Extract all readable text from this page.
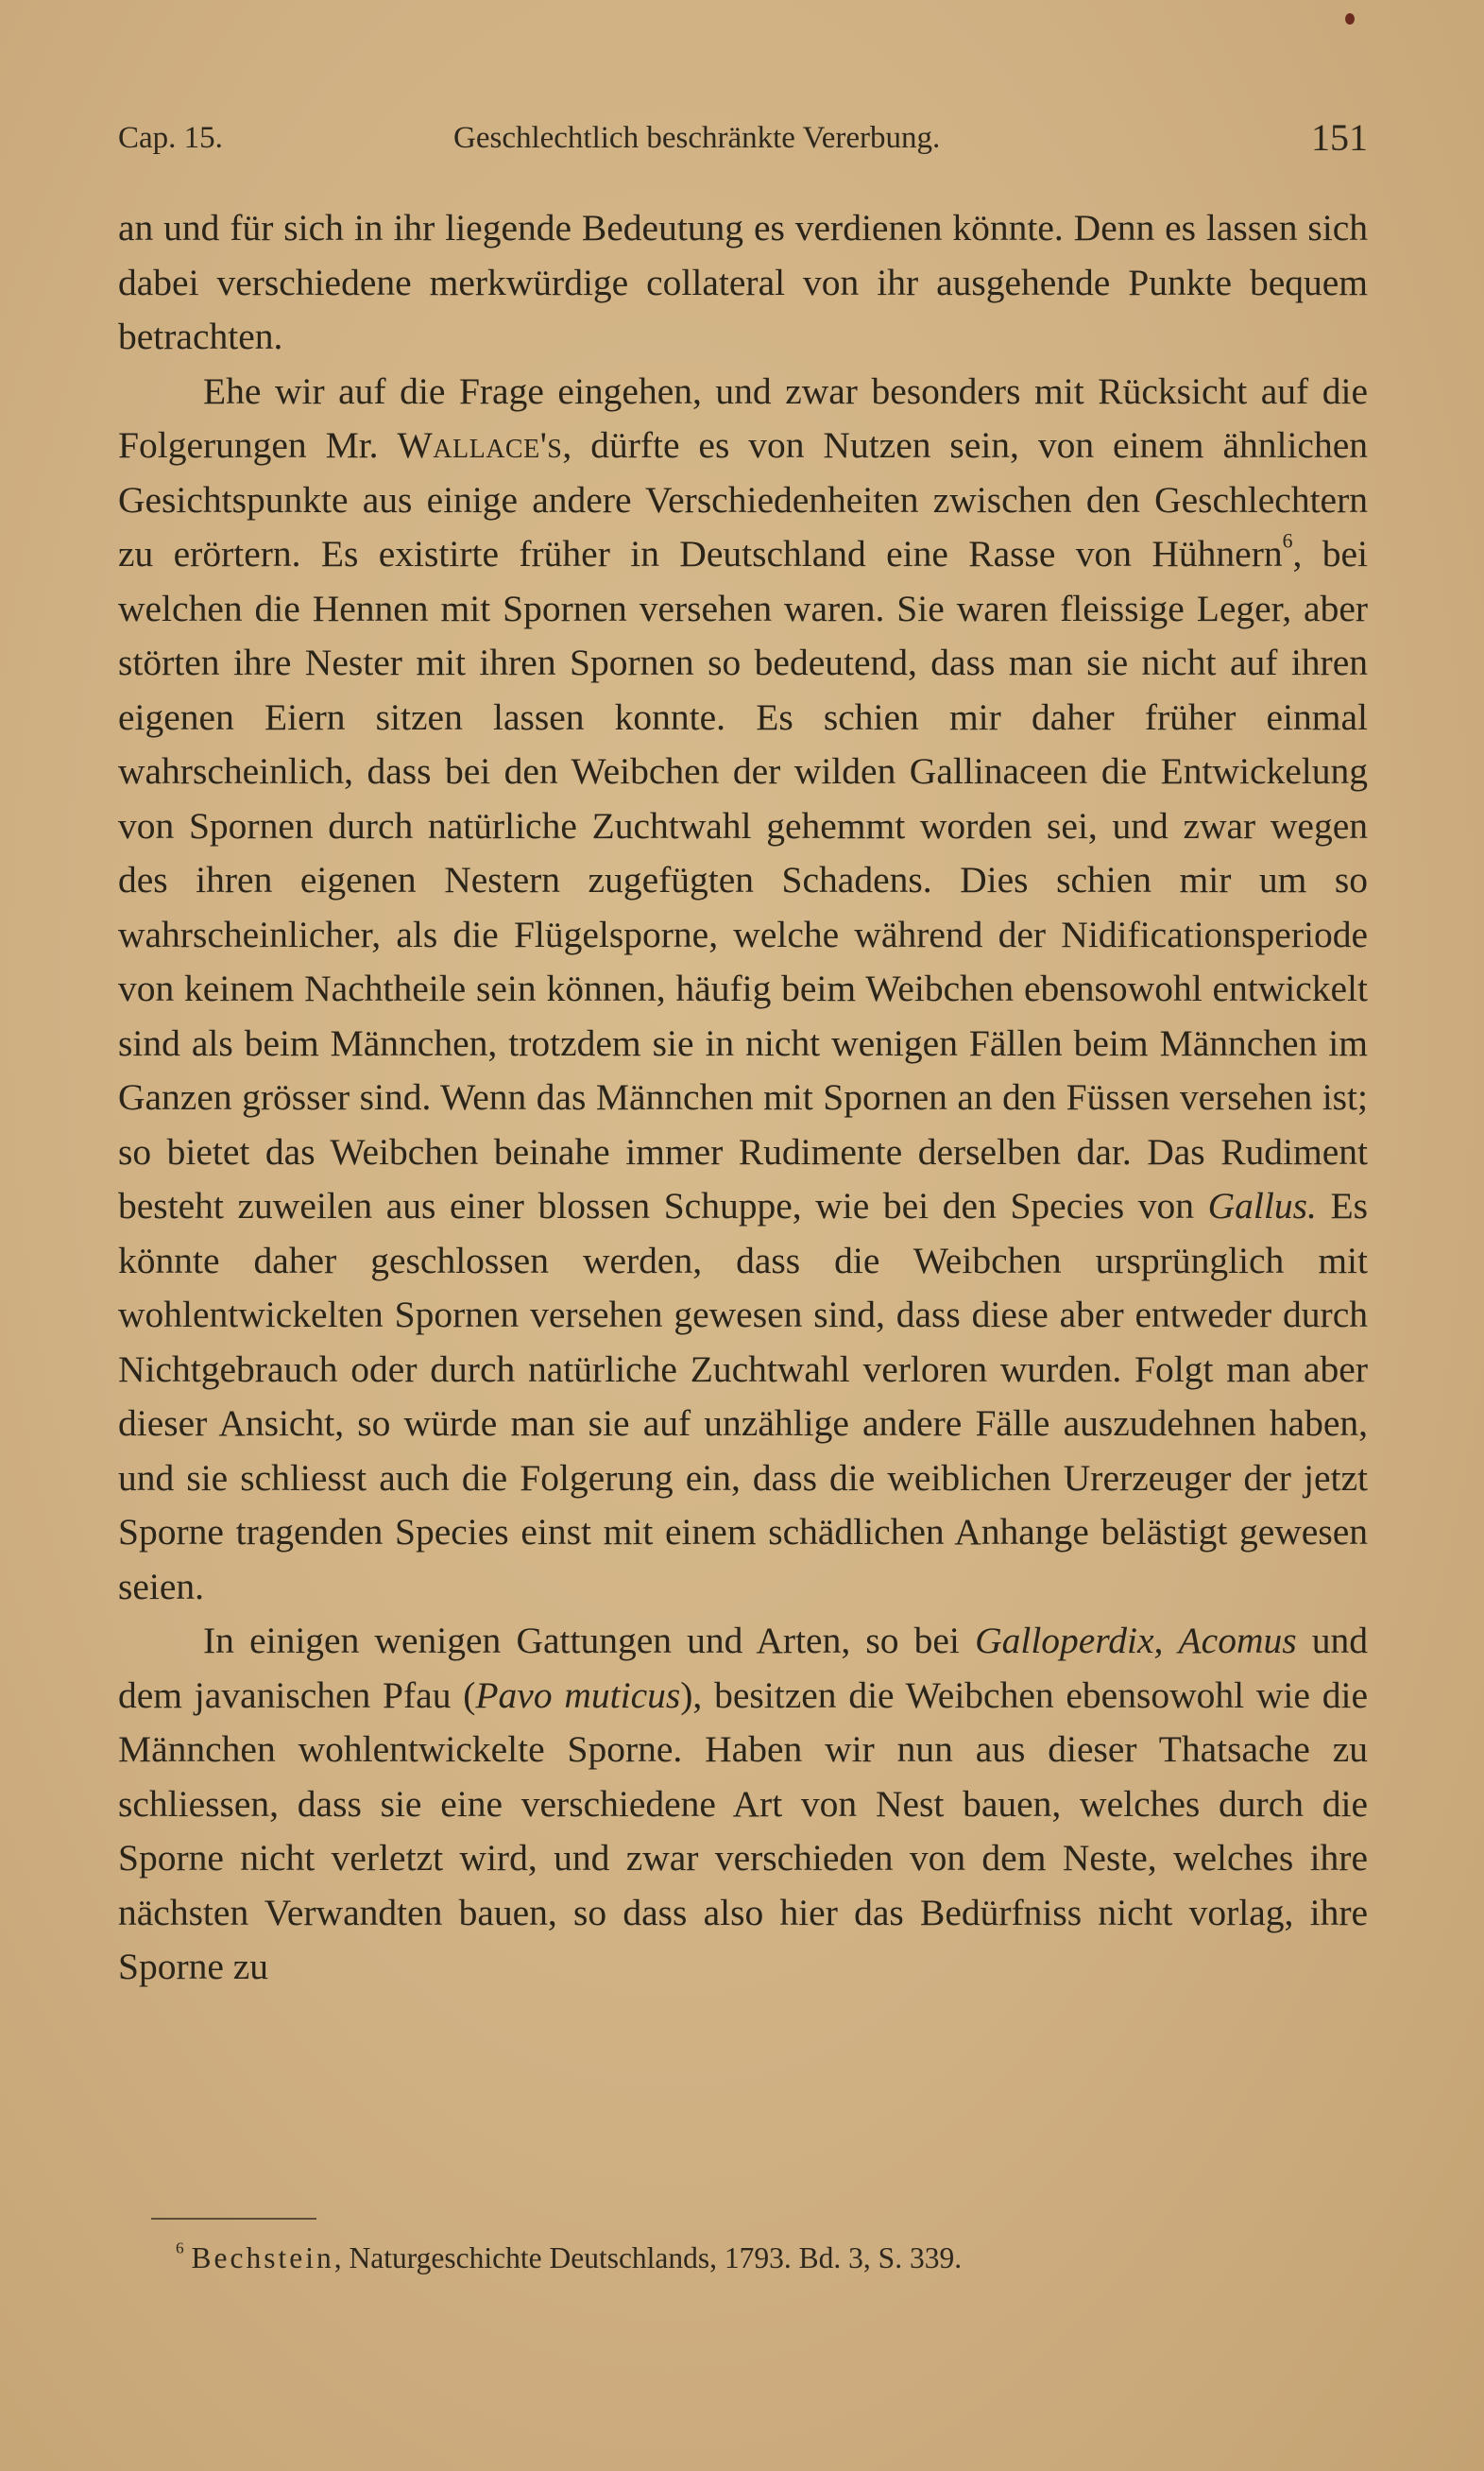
Cap. 15.	Geschlechtlich beschränkte Vererbung.	151

an und für sich in ihr liegende Bedeutung es verdienen könnte. Denn es lassen sich dabei verschiedene merkwürdige collateral von ihr ausgehende Punkte bequem betrachten.

Ehe wir auf die Frage eingehen, und zwar besonders mit Rücksicht auf die Folgerungen Mr. Wallace's, dürfte es von Nutzen sein, von einem ähnlichen Gesichtspunkte aus einige andere Verschiedenheiten zwischen den Geschlechtern zu erörtern. Es existirte früher in Deutschland eine Rasse von Hühnern$^6$, bei welchen die Hennen mit Spornen versehen waren. Sie waren fleissige Leger, aber störten ihre Nester mit ihren Spornen so bedeutend, dass man sie nicht auf ihren eigenen Eiern sitzen lassen konnte. Es schien mir daher früher einmal wahrscheinlich, dass bei den Weibchen der wilden Gallinaceen die Entwickelung von Spornen durch natürliche Zuchtwahl gehemmt worden sei, und zwar wegen des ihren eigenen Nestern zugefügten Schadens. Dies schien mir um so wahrscheinlicher, als die Flügelsporne, welche während der Nidificationsperiode von keinem Nachtheile sein können, häufig beim Weibchen ebensowohl entwickelt sind als beim Männchen, trotzdem sie in nicht wenigen Fällen beim Männchen im Ganzen grösser sind. Wenn das Männchen mit Spornen an den Füssen versehen ist; so bietet das Weibchen beinahe immer Rudimente derselben dar. Das Rudiment besteht zuweilen aus einer blossen Schuppe, wie bei den Species von Gallus. Es könnte daher geschlossen werden, dass die Weibchen ursprünglich mit wohlentwickelten Spornen versehen gewesen sind, dass diese aber entweder durch Nichtgebrauch oder durch natürliche Zuchtwahl verloren wurden. Folgt man aber dieser Ansicht, so würde man sie auf unzählige andere Fälle auszudehnen haben, und sie schliesst auch die Folgerung ein, dass die weiblichen Urerzeuger der jetzt Sporne tragenden Species einst mit einem schädlichen Anhange belästigt gewesen seien.

In einigen wenigen Gattungen und Arten, so bei Galloperdix, Acomus und dem javanischen Pfau (Pavo muticus), besitzen die Weibchen ebensowohl wie die Männchen wohlentwickelte Sporne. Haben wir nun aus dieser Thatsache zu schliessen, dass sie eine verschiedene Art von Nest bauen, welches durch die Sporne nicht verletzt wird, und zwar verschieden von dem Neste, welches ihre nächsten Verwandten bauen, so dass also hier das Bedürfniss nicht vorlag, ihre Sporne zu

$^6$ Bechstein, Naturgeschichte Deutschlands, 1793. Bd. 3, S. 339.
